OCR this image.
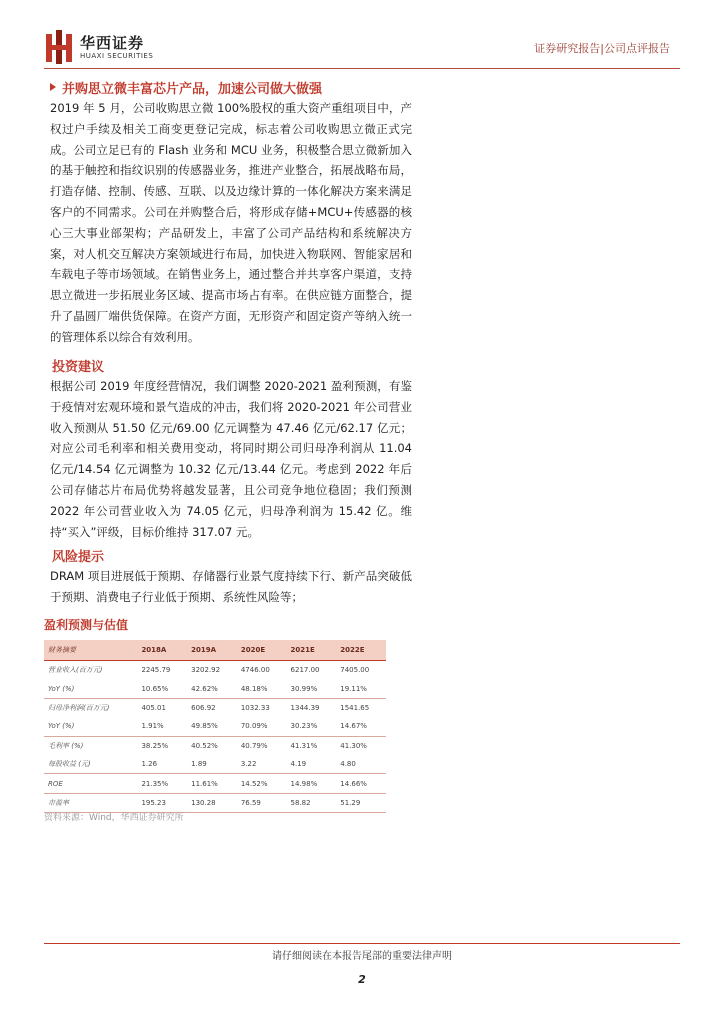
华西证券
HUAXI SECURITIES
证券研究报告|公司点评报告
并购思立微丰富芯片产品，加速公司做大做强

2019 年 5 月，公司收购思立微 100%股权的重大资产重组项目中，产权过户手续及相关工商变更登记完成，标志着公司收购思立微正式完成。公司立足已有的 Flash 业务和 MCU 业务，积极整合思立微新加入的基于触控和指纹识别的传感器业务，推进产业整合，拓展战略布局，打造存储、控制、传感、互联、以及边缘计算的一体化解决方案来满足客户的不同需求。公司在并购整合后，将形成存储+MCU+传感器的核心三大事业部架构；产品研发上，丰富了公司产品结构和系统解决方案，对人机交互解决方案领域进行布局，加快进入物联网、智能家居和车载电子等市场领域。在销售业务上，通过整合并共享客户渠道，支持思立微进一步拓展业务区域、提高市场占有率。在供应链方面整合，提升了晶圆厂端供货保障。在资产方面，无形资产和固定资产等纳入统一的管理体系以综合有效利用。

投资建议

根据公司 2019 年度经营情况，我们调整 2020-2021 盈利预测，有鉴于疫情对宏观环境和景气造成的冲击，我们将 2020-2021 年公司营业收入预测从 51.50 亿元/69.00 亿元调整为 47.46 亿元/62.17 亿元；对应公司毛利率和相关费用变动，将同时期公司归母净利润从 11.04 亿元/14.54 亿元调整为 10.32 亿元/13.44 亿元。考虑到 2022 年后公司存储芯片布局优势将越发显著，且公司竞争地位稳固；我们预测 2022 年公司营业收入为 74.05 亿元，归母净利润为 15.42 亿。维持“买入”评级，目标价维持 317.07 元。

风险提示

DRAM 项目进展低于预期、存储器行业景气度持续下行、新产品突破低于预期、消费电子行业低于预期、系统性风险等；

盈利预测与估值
财务摘要	2018A	2019A	2020E	2021E	2022E
营业收入(百万元)	2245.79	3202.92	4746.00	6217.00	7405.00
YoY (%)	10.65%	42.62%	48.18%	30.99%	19.11%
归母净利润(百万元)	405.01	606.92	1032.33	1344.39	1541.65
YoY (%)	1.91%	49.85%	70.09%	30.23%	14.67%
毛利率 (%)	38.25%	40.52%	40.79%	41.31%	41.30%
每股收益 (元)	1.26	1.89	3.22	4.19	4.80
ROE	21.35%	11.61%	14.52%	14.98%	14.66%
市盈率	195.23	130.28	76.59	58.82	51.29
资料来源：Wind，华西证券研究所
请仔细阅读在本报告尾部的重要法律声明
2
